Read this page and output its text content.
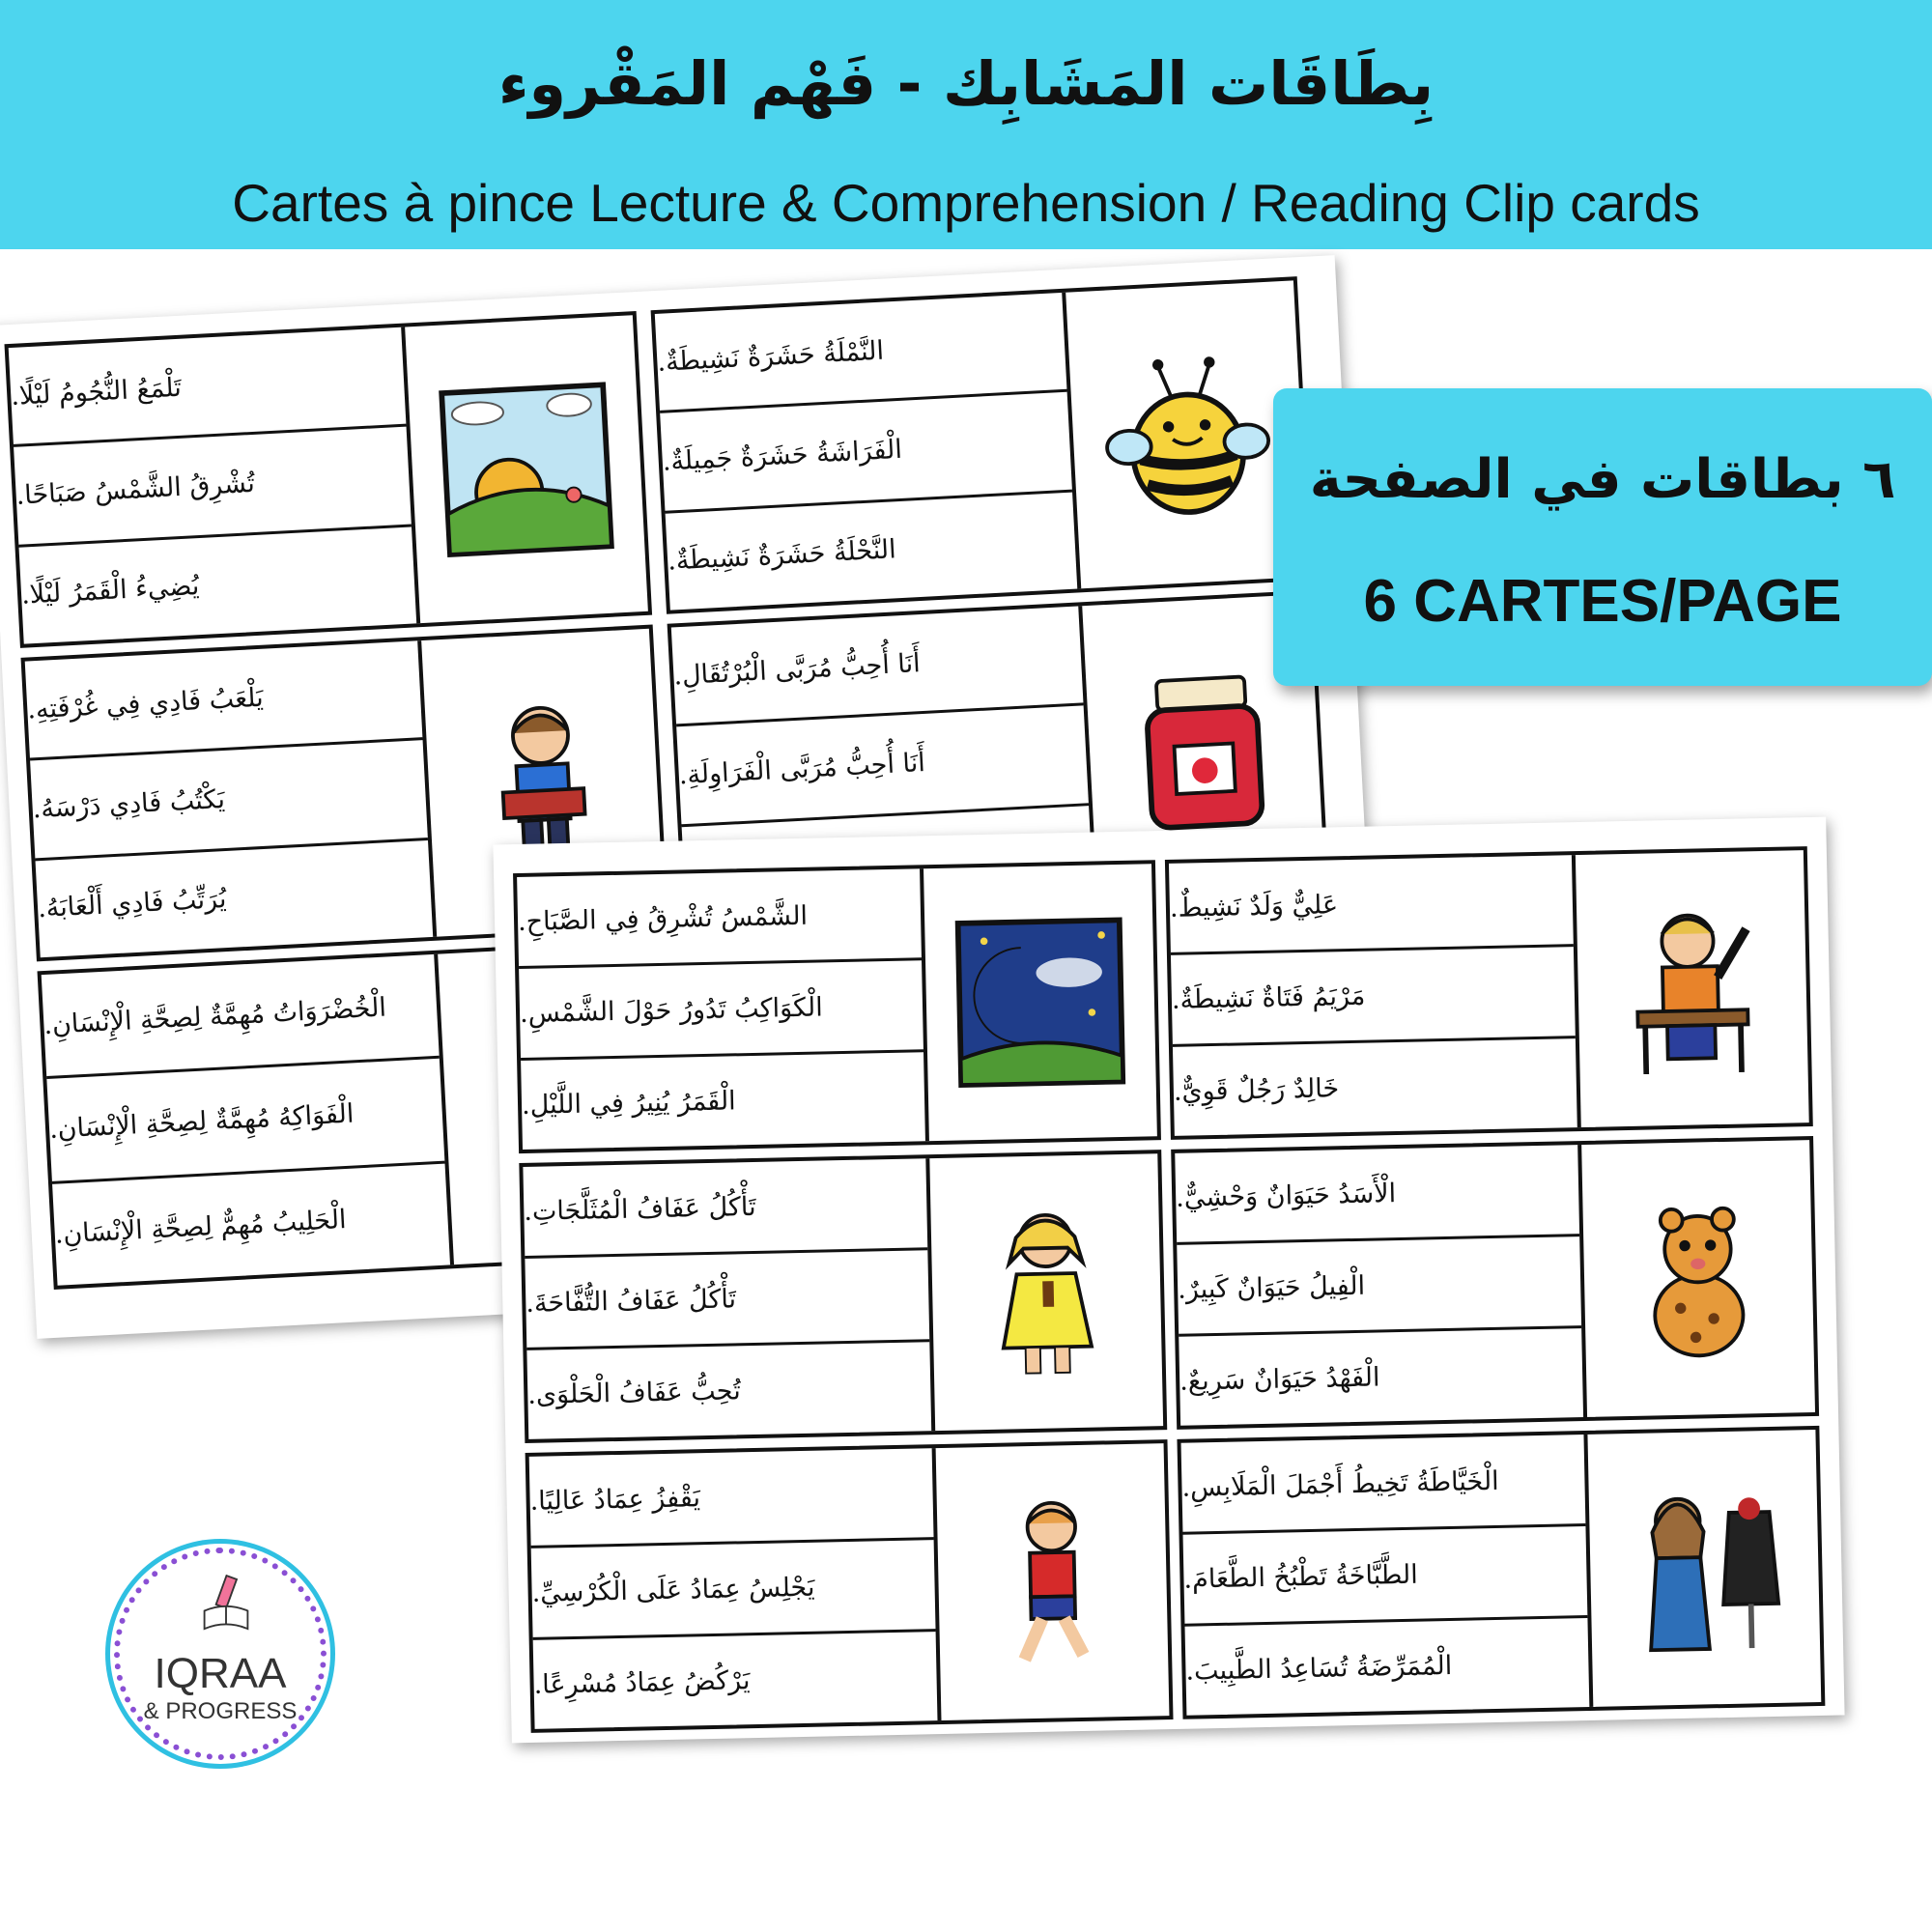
بِطَاقَات المَشَابِك - فَهْم المَقْروء
Cartes à pince Lecture & Comprehension / Reading Clip cards
النَّمْلَةُ حَشَرَةٌ نَشِيطَةٌ.
الْفَرَاشَةُ حَشَرَةٌ جَمِيلَةٌ.
النَّحْلَةُ حَشَرَةٌ نَشِيطَةٌ.
تَلْمَعُ النُّجُومُ لَيْلًا.
تُشْرِقُ الشَّمْسُ صَبَاحًا.
يُضِيءُ الْقَمَرُ لَيْلًا.
أَنَا أُحِبُّ مُرَبَّى الْبُرْتُقَالِ.
أَنَا أُحِبُّ مُرَبَّى الْفَرَاوِلَةِ.
يَلْعَبُ فَادِي فِي غُرْفَتِهِ.
يَكْتُبُ فَادِي دَرْسَهُ.
يُرَتِّبُ فَادِي أَلْعَابَهُ.
الْخُضْرَوَاتُ مُهِمَّةٌ لِصِحَّةِ الْإِنْسَانِ.
الْفَوَاكِهُ مُهِمَّةٌ لِصِحَّةِ الْإِنْسَانِ.
الْحَلِيبُ مُهِمٌّ لِصِحَّةِ الْإِنْسَانِ.
عَلِيٌّ وَلَدٌ نَشِيطٌ.
مَرْيَمُ فَتَاةٌ نَشِيطَةٌ.
خَالِدٌ رَجُلٌ قَوِيٌّ.
الشَّمْسُ تُشْرِقُ فِي الصَّبَاحِ.
الْكَوَاكِبُ تَدُورُ حَوْلَ الشَّمْسِ.
الْقَمَرُ يُنِيرُ فِي اللَّيْلِ.
الْأَسَدُ حَيَوَانٌ وَحْشِيٌّ.
الْفِيلُ حَيَوَانٌ كَبِيرٌ.
الْفَهْدُ حَيَوَانٌ سَرِيعٌ.
تَأْكُلُ عَفَافُ الْمُثَلَّجَاتِ.
تَأْكُلُ عَفَافُ التُّفَّاحَةَ.
تُحِبُّ عَفَافُ الْحَلْوَى.
الْخَيَّاطَةُ تَخِيطُ أَجْمَلَ الْمَلَابِسِ.
الطَّبَّاخَةُ تَطْبُخُ الطَّعَامَ.
الْمُمَرِّضَةُ تُسَاعِدُ الطَّبِيبَ.
يَقْفِزُ عِمَادُ عَالِيًا.
يَجْلِسُ عِمَادُ عَلَى الْكُرْسِيِّ.
يَرْكُضُ عِمَادُ مُسْرِعًا.
٦ بطاقات في الصفحة
6 CARTES/PAGE
IQRAA
& PROGRESS
